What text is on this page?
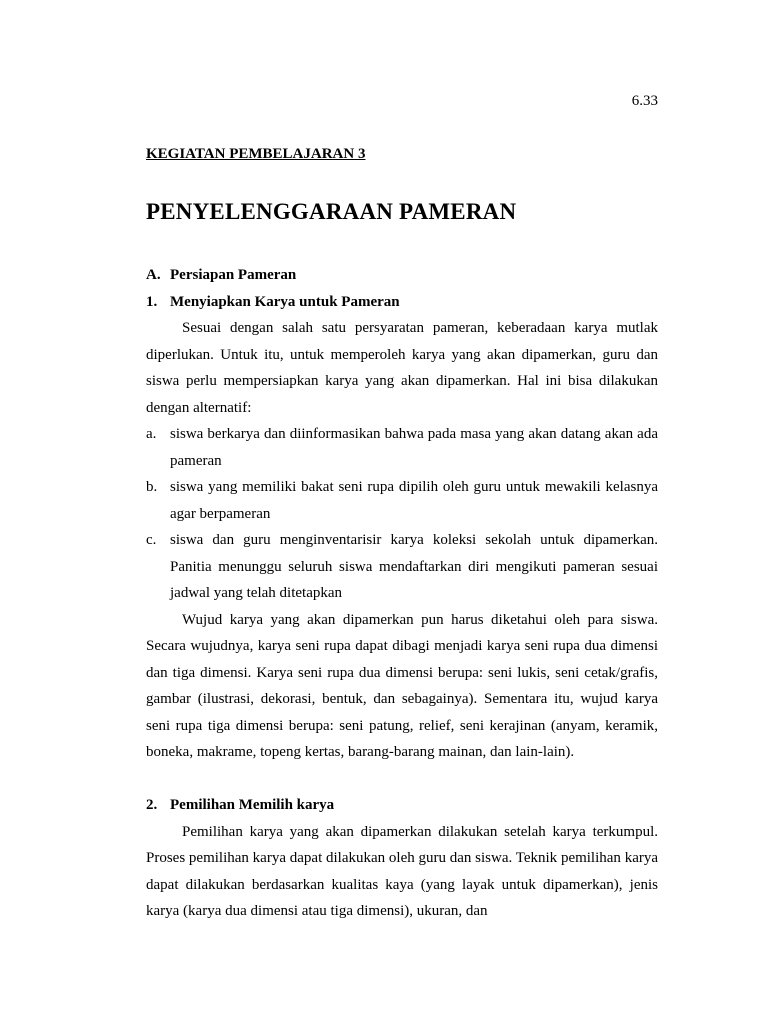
6.33
KEGIATAN PEMBELAJARAN 3
PENYELENGGARAAN PAMERAN
A. Persiapan Pameran
1. Menyiapkan Karya untuk Pameran

Sesuai dengan salah satu persyaratan pameran, keberadaan karya mutlak diperlukan. Untuk itu, untuk memperoleh karya yang akan dipamerkan, guru dan siswa perlu mempersiapkan karya yang akan dipamerkan. Hal ini bisa dilakukan dengan alternatif:

a. siswa berkarya dan diinformasikan bahwa pada masa yang akan datang akan ada pameran
b. siswa yang memiliki bakat seni rupa dipilih oleh guru untuk mewakili kelasnya agar berpameran
c. siswa dan guru menginventarisir karya koleksi sekolah untuk dipamerkan. Panitia menunggu seluruh siswa mendaftarkan diri mengikuti pameran sesuai jadwal yang telah ditetapkan

Wujud karya yang akan dipamerkan pun harus diketahui oleh para siswa. Secara wujudnya, karya seni rupa dapat dibagi menjadi karya seni rupa dua dimensi dan tiga dimensi. Karya seni rupa dua dimensi berupa: seni lukis, seni cetak/grafis, gambar (ilustrasi, dekorasi, bentuk, dan sebagainya). Sementara itu, wujud karya seni rupa tiga dimensi berupa: seni patung, relief, seni kerajinan (anyam, keramik, boneka, makrame, topeng kertas, barang-barang mainan, dan lain-lain).

2. Pemilihan Memilih karya

Pemilihan karya yang akan dipamerkan dilakukan setelah karya terkumpul. Proses pemilihan karya dapat dilakukan oleh guru dan siswa. Teknik pemilihan karya dapat dilakukan berdasarkan kualitas kaya (yang layak untuk dipamerkan), jenis karya (karya dua dimensi atau tiga dimensi), ukuran, dan
